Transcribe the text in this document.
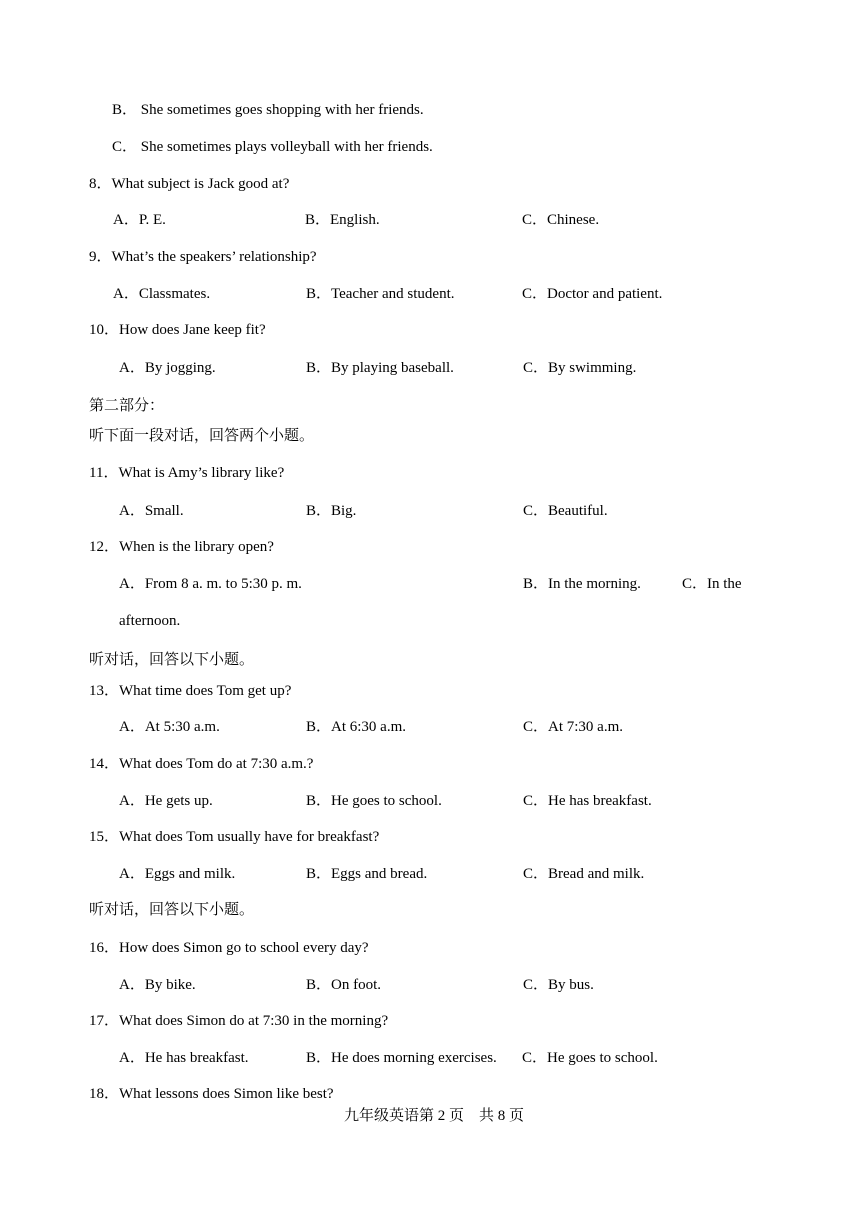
B． She sometimes goes shopping with her friends.
C． She sometimes plays volleyball with her friends.
8．What subject is Jack good at?
A．P. E.	B．English.	C．Chinese.
9．What’s the speakers’ relationship?
A．Classmates.	B．Teacher and student.	C．Doctor and patient.
10．How does Jane keep fit?
A．By jogging.	B．By playing baseball.	C．By swimming.
第二部分：
听下面一段对话，回答两个小题。
11．What is Amy’s library like?
A．Small.	B．Big.	C．Beautiful.
12．When is the library open?
A．From 8 a. m. to 5:30 p. m.	B．In the morning.	C．In the
afternoon.
听对话，回答以下小题。
13．What time does Tom get up?
A．At 5:30 a.m.	B．At 6:30 a.m.	C．At 7:30 a.m.
14．What does Tom do at 7:30 a.m.?
A．He gets up.	B．He goes to school.	C．He has breakfast.
15．What does Tom usually have for breakfast?
A．Eggs and milk.	B．Eggs and bread.	C．Bread and milk.
听对话，回答以下小题。
16．How does Simon go to school every day?
A．By bike.	B．On foot.	C．By bus.
17．What does Simon do at 7:30 in the morning?
A．He has breakfast.	B．He does morning exercises. C．He goes to school.
18．What lessons does Simon like best?
九年级英语第 2 页　共 8 页
